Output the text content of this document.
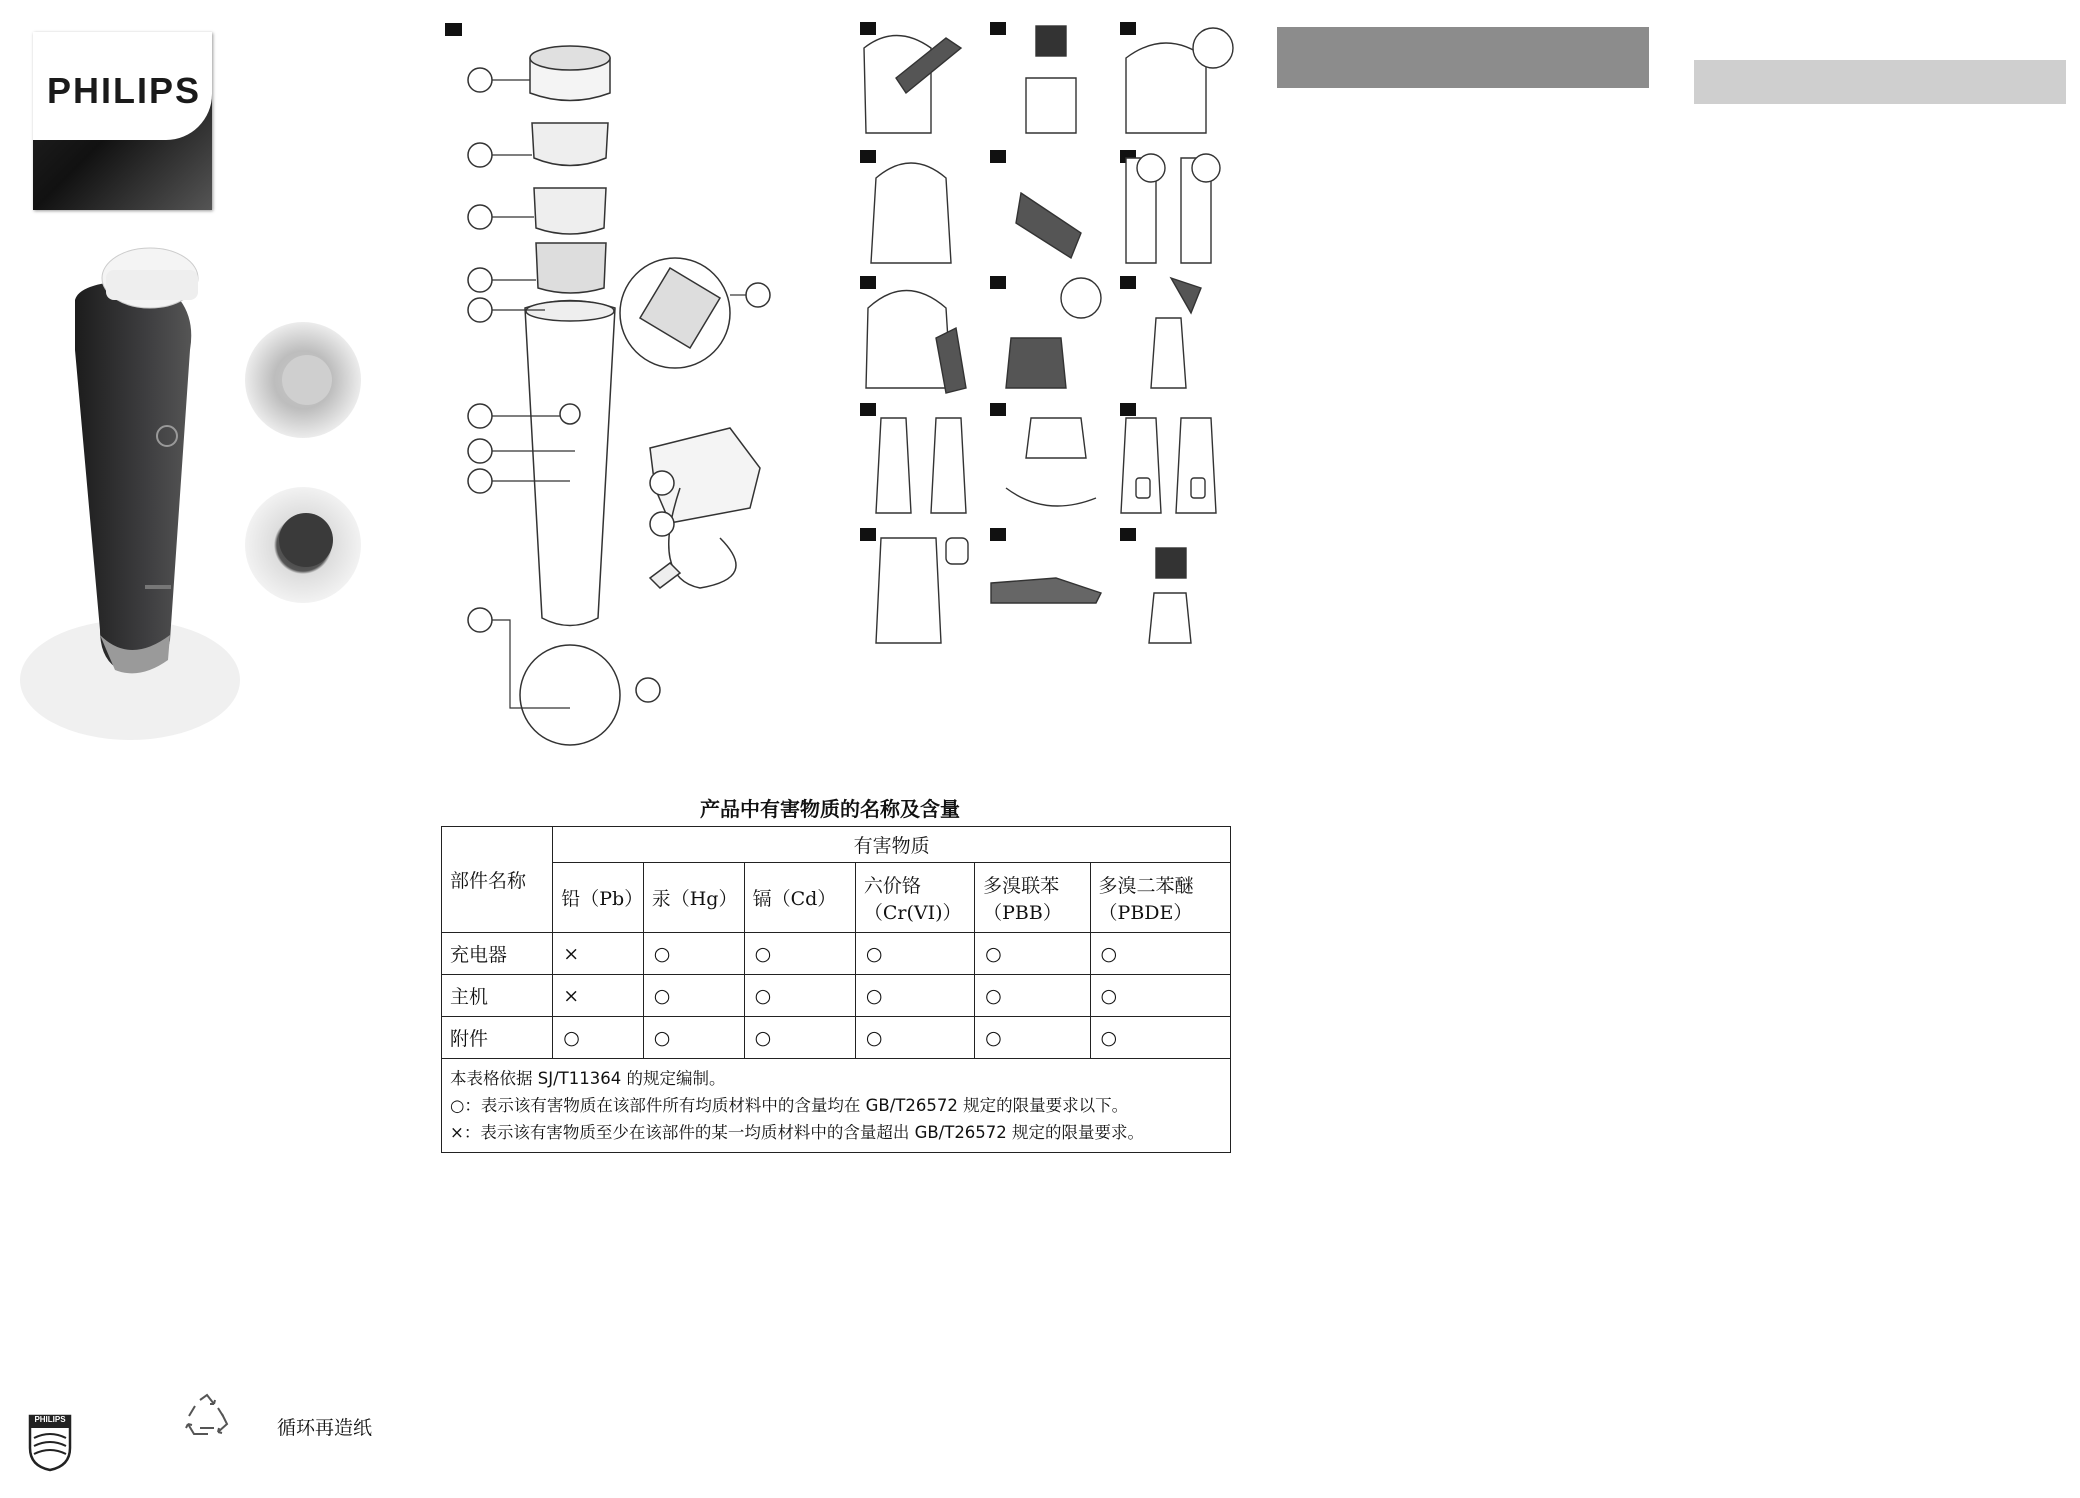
PHILIPS
产品中有害物质的名称及含量
部件名称	有害物质					
	铅（Pb）	汞（Hg）	镉（Cd）	六价铬（Cr(VI)）	多溴联苯（PBB）	多溴二苯醚（PBDE）
充电器	×	○	○	○	○	○
主机	×	○	○	○	○	○
附件	○	○	○	○	○	○

本表格依据 SJ/T11364 的规定编制。
○：表示该有害物质在该部件所有均质材料中的含量均在 GB/T26572 规定的限量要求以下。
×：表示该有害物质至少在该部件的某一均质材料中的含量超出 GB/T26572 规定的限量要求。						
PHILIPS	循环再造纸
